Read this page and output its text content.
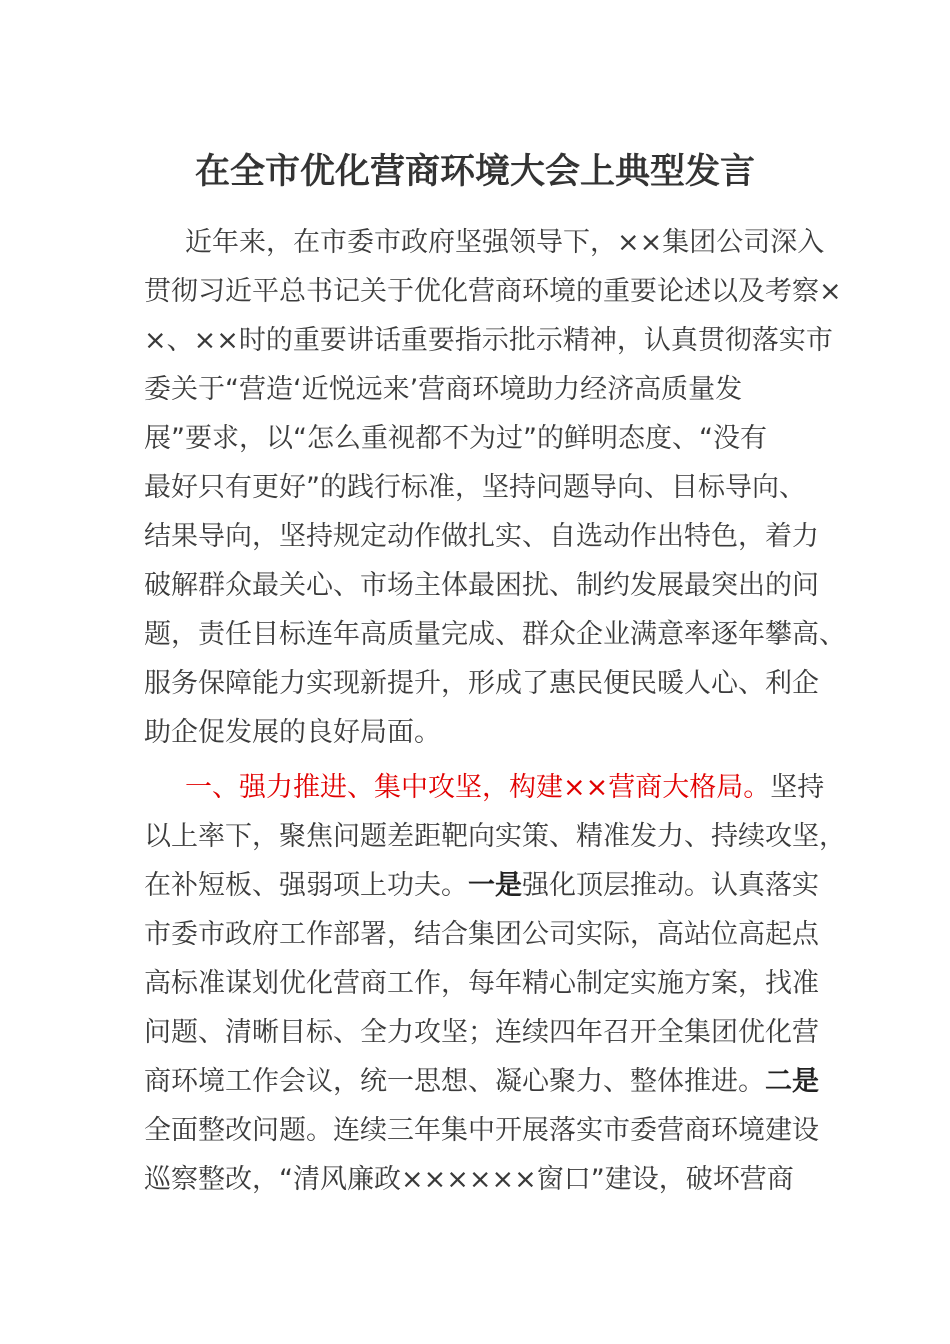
在全市优化营商环境大会上典型发言
近年来，在市委市政府坚强领导下，××集团公司深入
贯彻习近平总书记关于优化营商环境的重要论述以及考察×
×、××时的重要讲话重要指示批示精神，认真贯彻落实市
委关于“营造‘近悦远来’营商环境助力经济高质量发
展”要求，以“怎么重视都不为过”的鲜明态度、“没有
最好只有更好”的践行标准，坚持问题导向、目标导向、
结果导向，坚持规定动作做扎实、自选动作出特色，着力
破解群众最关心、市场主体最困扰、制约发展最突出的问
题，责任目标连年高质量完成、群众企业满意率逐年攀高、
服务保障能力实现新提升，形成了惠民便民暖人心、利企
助企促发展的良好局面。
一、强力推进、集中攻坚，构建××营商大格局。坚持
以上率下，聚焦问题差距靶向实策、精准发力、持续攻坚，
在补短板、强弱项上功夫。一是强化顶层推动。认真落实
市委市政府工作部署，结合集团公司实际，高站位高起点
高标准谋划优化营商工作，每年精心制定实施方案，找准
问题、清晰目标、全力攻坚；连续四年召开全集团优化营
商环境工作会议，统一思想、凝心聚力、整体推进。二是
全面整改问题。连续三年集中开展落实市委营商环境建设
巡察整改，“清风廉政××××××窗口”建设，破坏营商
